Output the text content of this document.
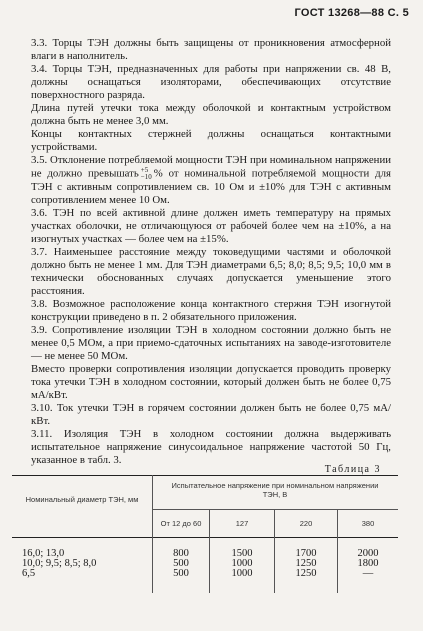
ГОСТ 13268—88 С. 5

3.3. Торцы ТЭН должны быть защищены от проникновения атмосферной влаги в наполнитель.

3.4. Торцы ТЭН, предназначенных для работы при напряжении св. 48 В, должны оснащаться изоляторами, обеспечивающих отсутствие поверхностного разряда.

Длина путей утечки тока между оболочкой и контактным устройством должна быть не менее 3,0 мм.

Концы контактных стержней должны оснащаться контактными устройствами.

3.5. Отклонение потребляемой мощности ТЭН при номинальном напряжении не должно превышать +5
−10 % от номинальной потребляемой мощности для ТЭН с активным сопротивлением св. 10 Ом и ±10% для ТЭН с активным сопротивлением менее 10 Ом.

3.6. ТЭН по всей активной длине должен иметь температуру на прямых участках оболочки, не отличающуюся от рабочей более чем на ±10%, а на изогнутых участках — более чем на ±15%.

3.7. Наименьшее расстояние между токоведущими частями и оболочкой должно быть не менее 1 мм. Для ТЭН диаметрами 6,5; 8,0; 8,5; 9,5; 10,0 мм в технически обоснованных случаях допускается уменьшение этого расстояния.

3.8. Возможное расположение конца контактного стержня ТЭН изогнутой конструкции приведено в п. 2 обязательного приложения.

3.9. Сопротивление изоляции ТЭН в холодном состоянии должно быть не менее 0,5 МОм, а при приемо-сдаточных испытаниях на заводе-изготовителе — не менее 50 МОм.

Вместо проверки сопротивления изоляции допускается проводить проверку тока утечки ТЭН в холодном состоянии, который должен быть не более 0,75 мА/кВт.

3.10. Ток утечки ТЭН в горячем состоянии должен быть не более 0,75 мА/кВт.

3.11. Изоляция ТЭН в холодном состоянии должна выдерживать испытательное напряжение синусоидальное напряжение частотой 50 Гц, указанное в табл. 3.

Таблица 3
Номинальный диаметр ТЭН, мм
Испытательное напряжение при номинальном напряжении ТЭН, В
От 12 до 60	127	220	380
16,0; 13,0	800	1500	1700	2000
10,0; 9,5; 8,5; 8,0	500	1000	1250	1800
6,5	500	1000	1250	—
